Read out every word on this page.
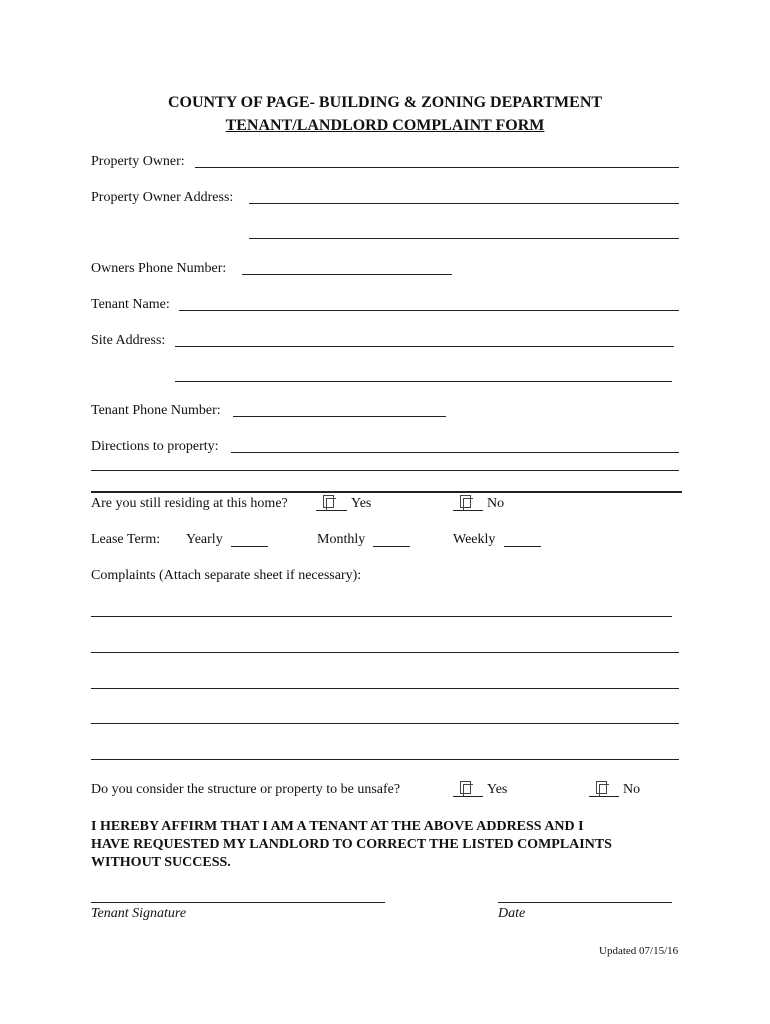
COUNTY OF PAGE- BUILDING & ZONING DEPARTMENT
TENANT/LANDLORD COMPLAINT FORM
Property Owner:
Property Owner Address:
Owners Phone Number:
Tenant Name:
Site Address:
Tenant Phone Number:
Directions to property:
Are you still residing at this home?	Yes	No
Lease Term: Yearly	Monthly	Weekly
Complaints (Attach separate sheet if necessary):
Do you consider the structure or property to be unsafe?	Yes	No
I HEREBY AFFIRM THAT I AM A TENANT AT THE ABOVE ADDRESS AND I
HAVE REQUESTED MY LANDLORD TO CORRECT THE LISTED COMPLAINTS
WITHOUT SUCCESS.
Tenant Signature	Date
Updated 07/15/16
